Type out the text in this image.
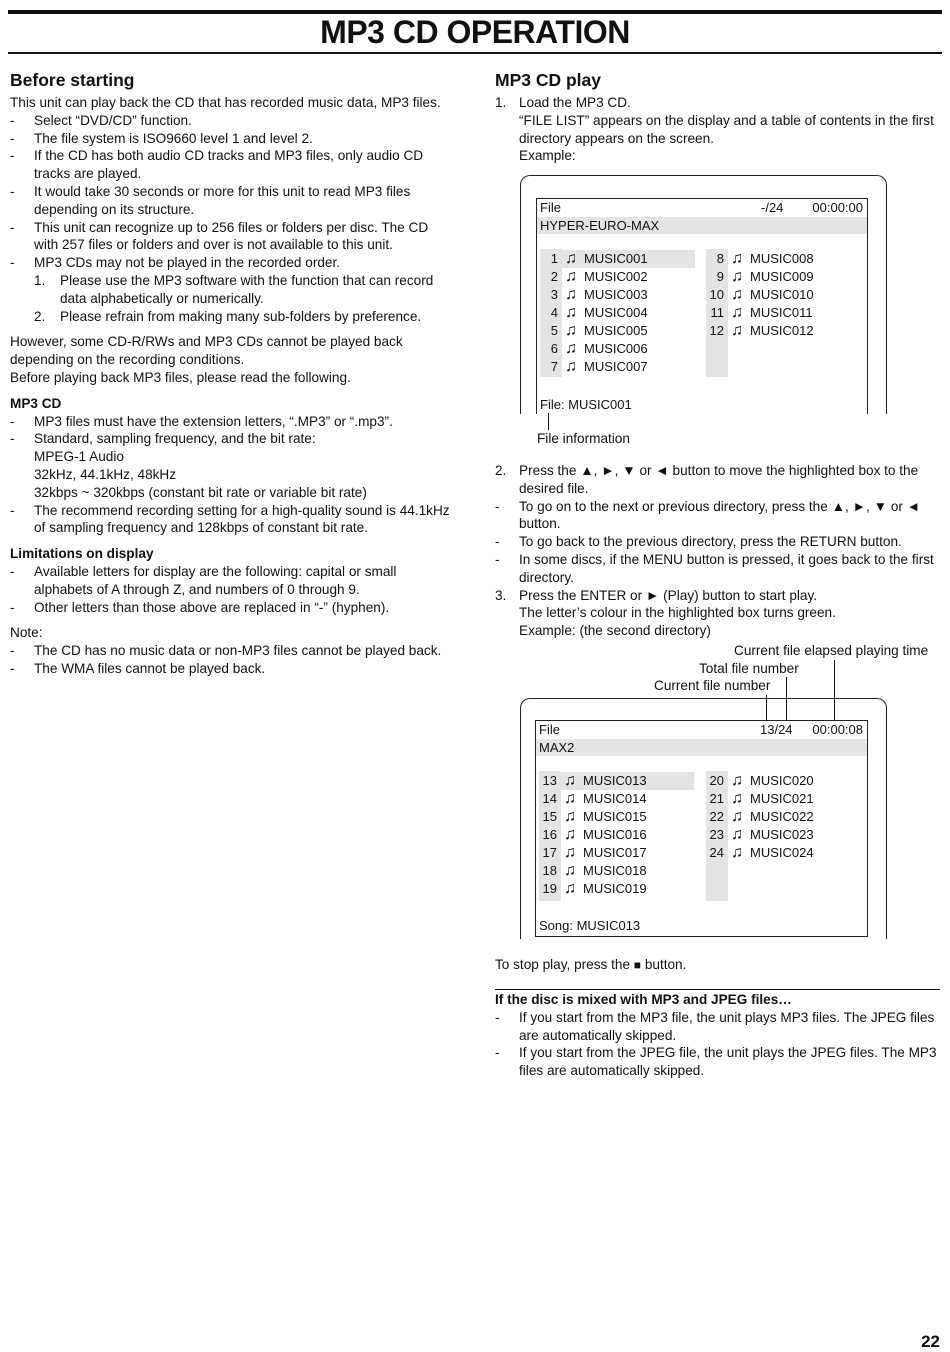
MP3 CD OPERATION
Before starting

This unit can play back the CD that has recorded music data, MP3 files.

- Select “DVD/CD” function.
- The file system is ISO9660 level 1 and level 2.
- If the CD has both audio CD tracks and MP3 files, only audio CD tracks are played.
- It would take 30 seconds or more for this unit to read MP3 files depending on its structure.
- This unit can recognize up to 256 files or folders per disc. The CD with 257 files or folders and over is not available to this unit.
- MP3 CDs may not be played in the recorded order.
1. Please use the MP3 software with the function that can record data alphabetically or numerically.
2. Please refrain from making many sub-folders by preference.

However, some CD-R/RWs and MP3 CDs cannot be played back depending on the recording conditions.

Before playing back MP3 files, please read the following.

MP3 CD
- MP3 files must have the extension letters, “.MP3” or “.mp3”.
- Standard, sampling frequency, and the bit rate:
MPEG-1 Audio
32kHz, 44.1kHz, 48kHz
32kbps ~ 320kbps (constant bit rate or variable bit rate)
- The recommend recording setting for a high-quality sound is 44.1kHz of sampling frequency and 128kbps of constant bit rate.
Limitations on display
- Available letters for display are the following: capital or small alphabets of A through Z, and numbers of 0 through 9.
- Other letters than those above are replaced in “-” (hyphen).

Note:

- The CD has no music data or non-MP3 files cannot be played back.
- The WMA files cannot be played back.
MP3 CD play
1. Load the MP3 CD.
“FILE LIST” appears on the display and a table of contents in the first directory appears on the screen.
Example:
File	-/24 00:00:00
HYPER-EURO-MAX
1 ♫ MUSIC001
2 ♫ MUSIC002
3 ♫ MUSIC003
4 ♫ MUSIC004
5 ♫ MUSIC005
6 ♫ MUSIC006
7 ♫ MUSIC007
8 ♫ MUSIC008
9 ♫ MUSIC009
10 ♫ MUSIC010
11 ♫ MUSIC011
12 ♫ MUSIC012
File: MUSIC001
File information
2. Press the ▲, ►, ▼ or ◄ button to move the highlighted box to the desired file.
- To go on to the next or previous directory, press the ▲, ►, ▼ or ◄ button.
- To go back to the previous directory, press the RETURN button.
- In some discs, if the MENU button is pressed, it goes back to the first directory.
3. Press the ENTER or ► (Play) button to start play.
The letter’s colour in the highlighted box turns green.
Example: (the second directory)
Current file elapsed playing time
Total file number
Current file number
File	13/24 00:00:08
MAX2
13 ♫ MUSIC013
14 ♫ MUSIC014
15 ♫ MUSIC015
16 ♫ MUSIC016
17 ♫ MUSIC017
18 ♫ MUSIC018
19 ♫ MUSIC019
20 ♫ MUSIC020
21 ♫ MUSIC021
22 ♫ MUSIC022
23 ♫ MUSIC023
24 ♫ MUSIC024
Song: MUSIC013

To stop play, press the ■ button.

If the disc is mixed with MP3 and JPEG files…

- If you start from the MP3 file, the unit plays MP3 files. The JPEG files are automatically skipped.
- If you start from the JPEG file, the unit plays the JPEG files. The MP3 files are automatically skipped.
22
